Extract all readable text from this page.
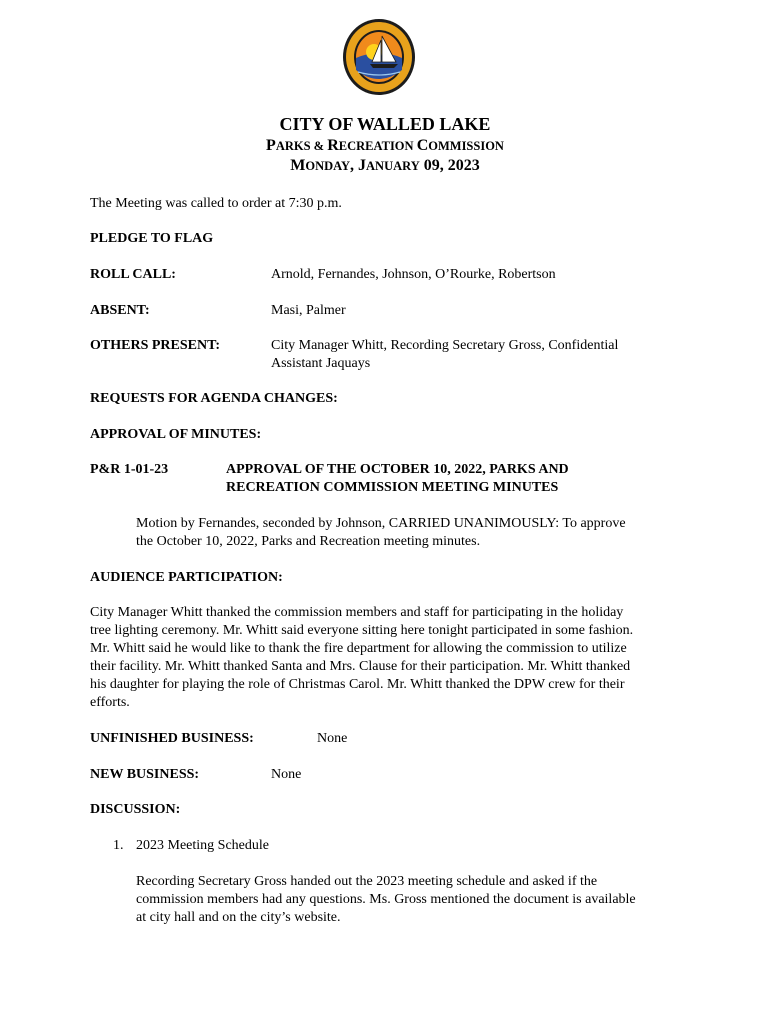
CITY OF WALLED LAKE
PARKS & RECREATION COMMISSION
MONDAY, JANUARY 09, 2023
The Meeting was called to order at 7:30 p.m.
PLEDGE TO FLAG
ROLL CALL:	Arnold, Fernandes, Johnson, O’Rourke, Robertson
ABSENT:	Masi, Palmer
OTHERS PRESENT:	City Manager Whitt, Recording Secretary Gross, Confidential
Assistant Jaquays
REQUESTS FOR AGENDA CHANGES:
APPROVAL OF MINUTES:
P&R 1-01-23	APPROVAL OF THE OCTOBER 10, 2022, PARKS AND
RECREATION COMMISSION MEETING MINUTES
Motion by Fernandes, seconded by Johnson, CARRIED UNANIMOUSLY: To approve
the October 10, 2022, Parks and Recreation meeting minutes.
AUDIENCE PARTICIPATION:
City Manager Whitt thanked the commission members and staff for participating in the holiday
tree lighting ceremony. Mr. Whitt said everyone sitting here tonight participated in some fashion.
Mr. Whitt said he would like to thank the fire department for allowing the commission to utilize
their facility. Mr. Whitt thanked Santa and Mrs. Clause for their participation. Mr. Whitt thanked
his daughter for playing the role of Christmas Carol. Mr. Whitt thanked the DPW crew for their
efforts.
UNFINISHED BUSINESS:	None
NEW BUSINESS:	None
DISCUSSION:
1. 2023 Meeting Schedule
Recording Secretary Gross handed out the 2023 meeting schedule and asked if the
commission members had any questions. Ms. Gross mentioned the document is available
at city hall and on the city’s website.
